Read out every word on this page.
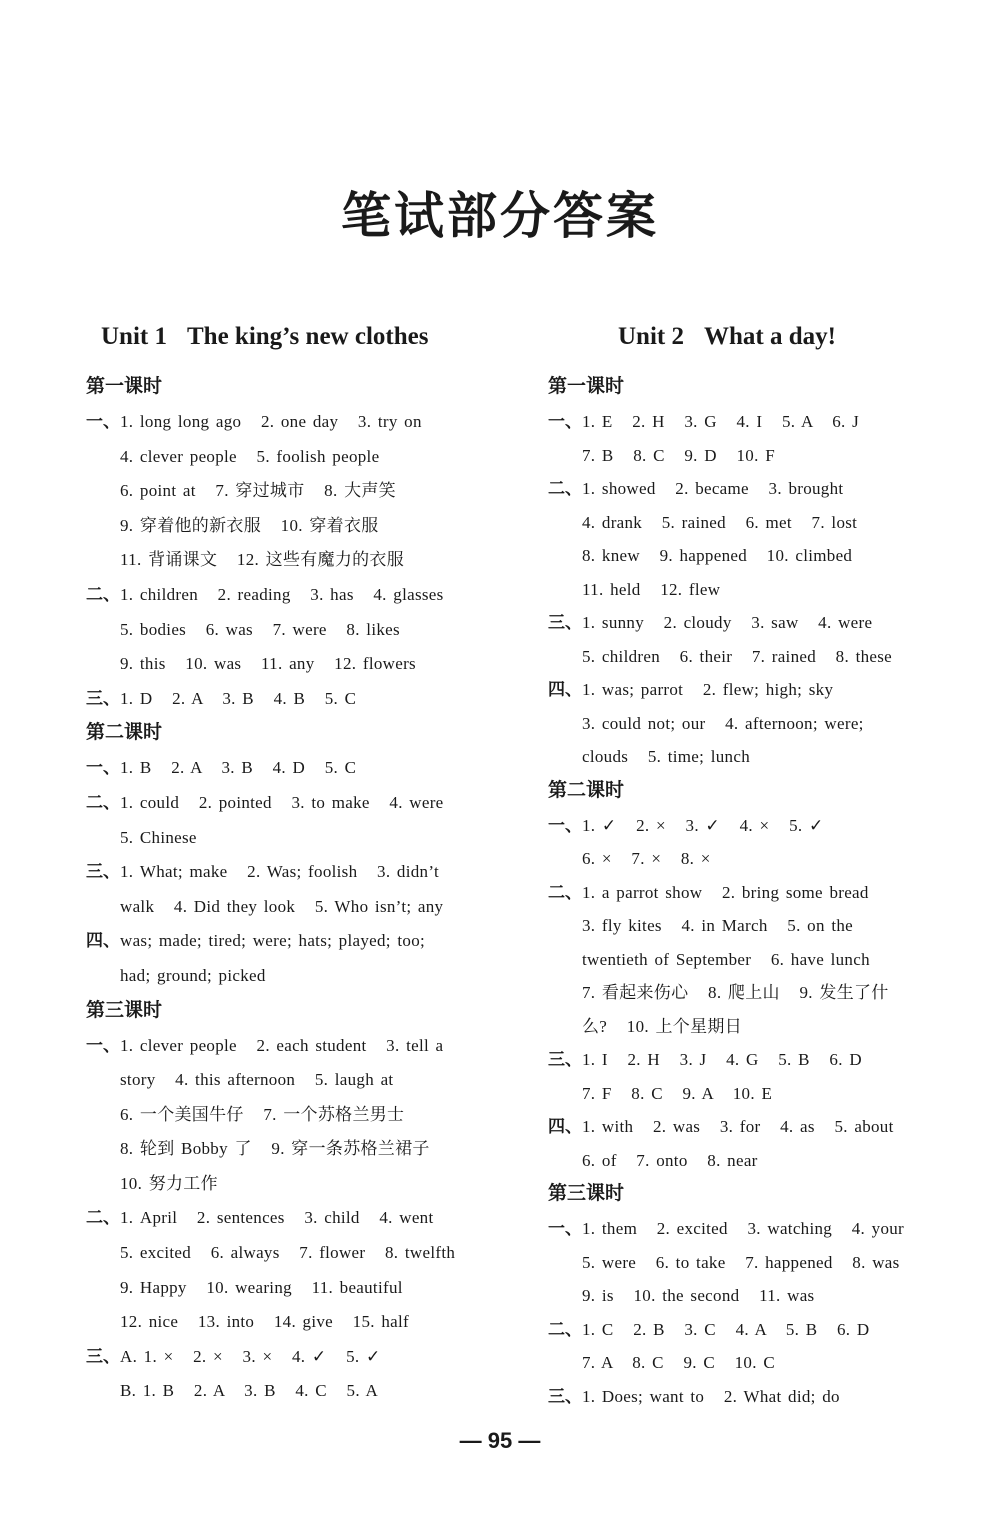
笔试部分答案
Unit 1 The king’s new clothes
第一课时
一、1. long long ago   2. one day   3. try on
4. clever people   5. foolish people
6. point at   7. 穿过城市   8. 大声笑
9. 穿着他的新衣服   10. 穿着衣服
11. 背诵课文   12. 这些有魔力的衣服
二、1. children   2. reading   3. has   4. glasses
5. bodies   6. was   7. were   8. likes
9. this   10. was   11. any   12. flowers
三、1. D   2. A   3. B   4. B   5. C
第二课时
一、1. B   2. A   3. B   4. D   5. C
二、1. could   2. pointed   3. to make   4. were
5. Chinese
三、1. What; make   2. Was; foolish   3. didn’t
walk   4. Did they look   5. Who isn’t; any
四、was; made; tired; were; hats; played; too;
had; ground; picked
第三课时
一、1. clever people   2. each student   3. tell a
story   4. this afternoon   5. laugh at
6. 一个美国牛仔   7. 一个苏格兰男士
8. 轮到 Bobby 了   9. 穿一条苏格兰裙子
10. 努力工作
二、1. April   2. sentences   3. child   4. went
5. excited   6. always   7. flower   8. twelfth
9. Happy   10. wearing   11. beautiful
12. nice   13. into   14. give   15. half
三、A. 1. ×   2. ×   3. ×   4. ✓   5. ✓
B. 1. B   2. A   3. B   4. C   5. A
Unit 2 What a day!
第一课时
一、1. E   2. H   3. G   4. I   5. A   6. J
7. B   8. C   9. D   10. F
二、1. showed   2. became   3. brought
4. drank   5. rained   6. met   7. lost
8. knew   9. happened   10. climbed
11. held   12. flew
三、1. sunny   2. cloudy   3. saw   4. were
5. children   6. their   7. rained   8. these
四、1. was; parrot   2. flew; high; sky
3. could not; our   4. afternoon; were;
clouds   5. time; lunch
第二课时
一、1. ✓   2. ×   3. ✓   4. ×   5. ✓
6. ×   7. ×   8. ×
二、1. a parrot show   2. bring some bread
3. fly kites   4. in March   5. on the
twentieth of September   6. have lunch
7. 看起来伤心   8. 爬上山   9. 发生了什
么?   10. 上个星期日
三、1. I   2. H   3. J   4. G   5. B   6. D
7. F   8. C   9. A   10. E
四、1. with   2. was   3. for   4. as   5. about
6. of   7. onto   8. near
第三课时
一、1. them   2. excited   3. watching   4. your
5. were   6. to take   7. happened   8. was
9. is   10. the second   11. was
二、1. C   2. B   3. C   4. A   5. B   6. D
7. A   8. C   9. C   10. C
三、1. Does; want to   2. What did; do
— 95 —
